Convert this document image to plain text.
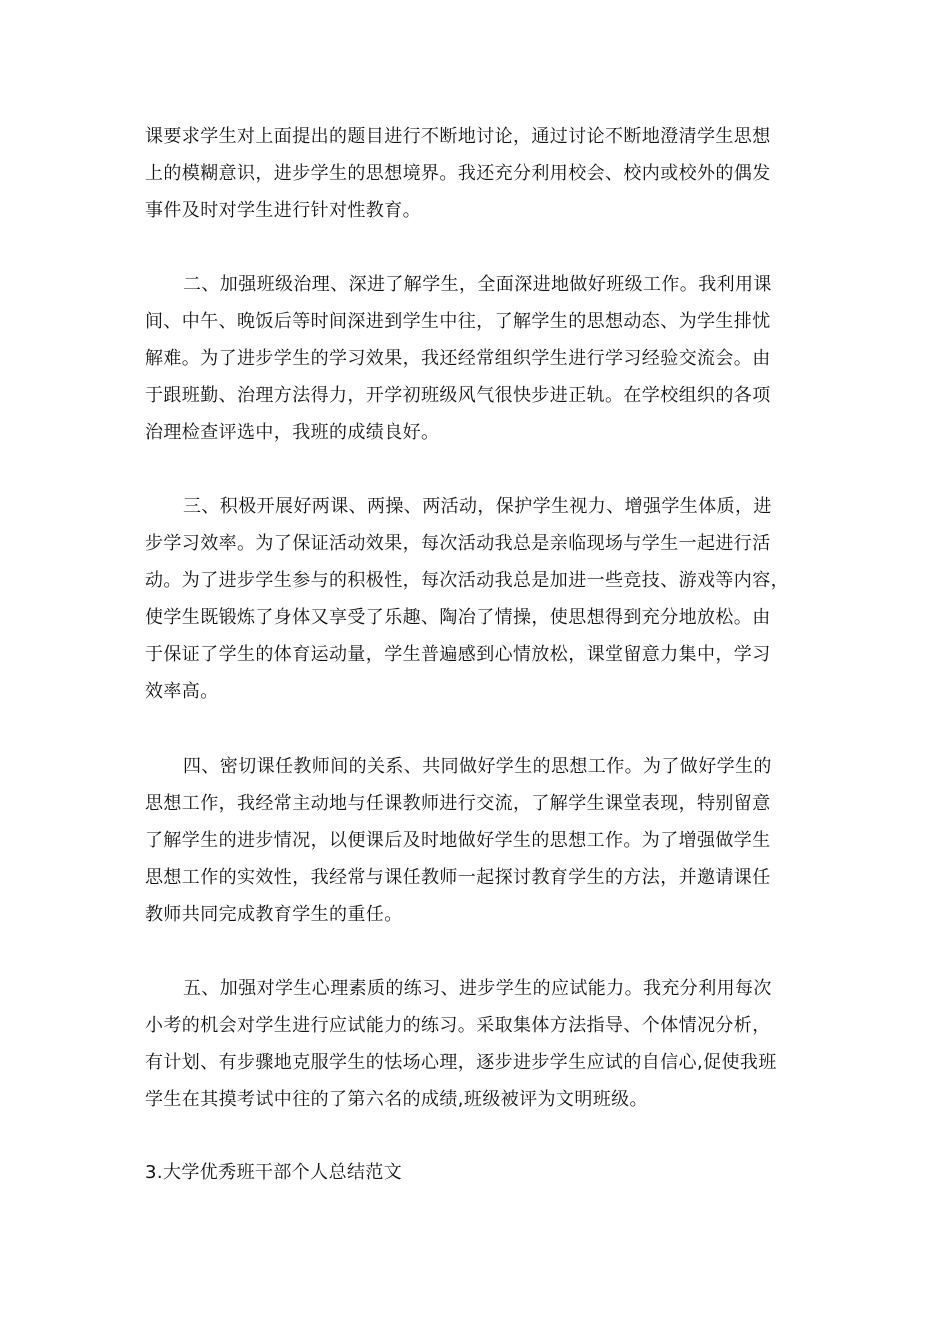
课要求学生对上面提出的题目进行不断地讨论，通过讨论不断地澄清学生思想
上的模糊意识，进步学生的思想境界。我还充分利用校会、校内或校外的偶发
事件及时对学生进行针对性教育。
二、加强班级治理、深进了解学生，全面深进地做好班级工作。我利用课
间、中午、晚饭后等时间深进到学生中往，了解学生的思想动态、为学生排忧
解难。为了进步学生的学习效果，我还经常组织学生进行学习经验交流会。由
于跟班勤、治理方法得力，开学初班级风气很快步进正轨。在学校组织的各项
治理检查评选中，我班的成绩良好。
三、积极开展好两课、两操、两活动，保护学生视力、增强学生体质，进
步学习效率。为了保证活动效果，每次活动我总是亲临现场与学生一起进行活
动。为了进步学生参与的积极性，每次活动我总是加进一些竞技、游戏等内容，
使学生既锻炼了身体又享受了乐趣、陶冶了情操，使思想得到充分地放松。由
于保证了学生的体育运动量，学生普遍感到心情放松，课堂留意力集中，学习
效率高。
四、密切课任教师间的关系、共同做好学生的思想工作。为了做好学生的
思想工作，我经常主动地与任课教师进行交流，了解学生课堂表现，特别留意
了解学生的进步情况，以便课后及时地做好学生的思想工作。为了增强做学生
思想工作的实效性，我经常与课任教师一起探讨教育学生的方法，并邀请课任
教师共同完成教育学生的重任。
五、加强对学生心理素质的练习、进步学生的应试能力。我充分利用每次
小考的机会对学生进行应试能力的练习。采取集体方法指导、个体情况分析，
有计划、有步骤地克服学生的怯场心理，逐步进步学生应试的自信心,促使我班
学生在其摸考试中往的了第六名的成绩,班级被评为文明班级。
3.大学优秀班干部个人总结范文
